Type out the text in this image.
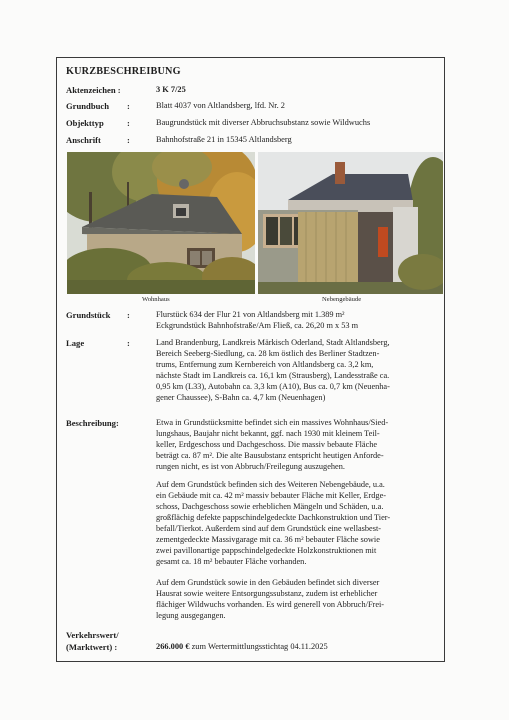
KURZBESCHREIBUNG
Aktenzeichen :	3 K 7/25
Grundbuch :	Blatt 4037 von Altlandsberg, lfd. Nr. 2
Objekttyp	:	Baugrundstück mit diverser Abbruchsubstanz sowie Wildwuchs
Anschrift	:	Bahnhofstraße 21 in 15345 Altlandsberg
Wohnhaus	Nebengebäude
Grundstück :	Flurstück 634 der Flur 21 von Altlandsberg mit 1.389 m²
Eckgrundstück Bahnhofstraße/Am Fließ, ca. 26,20 m x 53 m
Lage	:	Land Brandenburg, Landkreis Märkisch Oderland, Stadt Altlandsberg,
Bereich Seeberg-Siedlung, ca. 28 km östlich des Berliner Stadtzen-
trums, Entfernung zum Kernbereich von Altlandsberg ca. 3,2 km,
nächste Stadt im Landkreis ca. 16,1 km (Strausberg), Landesstraße ca.
0,95 km (L33), Autobahn ca. 3,3 km (A10), Bus ca. 0,7 km (Neuenha-
gener Chaussee), S-Bahn ca. 4,7 km (Neuenhagen)
Beschreibung:	Etwa in Grundstücksmitte befindet sich ein massives Wohnhaus/Sied-
lungshaus, Baujahr nicht bekannt, ggf. nach 1930 mit kleinem Teil-
keller, Erdgeschoss und Dachgeschoss. Die massiv bebaute Fläche
beträgt ca. 87 m². Die alte Bausubstanz entspricht heutigen Anforde-
rungen nicht, es ist von Abbruch/Freilegung auszugehen.
Auf dem Grundstück befinden sich des Weiteren Nebengebäude, u.a.
ein Gebäude mit ca. 42 m² massiv bebauter Fläche mit Keller, Erdge-
schoss, Dachgeschoss sowie erheblichen Mängeln und Schäden, u.a.
großflächig defekte pappschindelgedeckte Dachkonstruktion und Tier-
befall/Tierkot. Außerdem sind auf dem Grundstück eine wellasbest-
zementgedeckte Massivgarage mit ca. 36 m² bebauter Fläche sowie
zwei pavillonartige pappschindelgedeckte Holzkonstruktionen mit
gesamt ca. 18 m² bebauter Fläche vorhanden.
Auf dem Grundstück sowie in den Gebäuden befindet sich diverser
Hausrat sowie weitere Entsorgungssubstanz, zudem ist erheblicher
flächiger Wildwuchs vorhanden. Es wird generell von Abbruch/Frei-
legung ausgegangen.
Verkehrswert/
(Marktwert) :	266.000 € zum Wertermittlungsstichtag 04.11.2025
